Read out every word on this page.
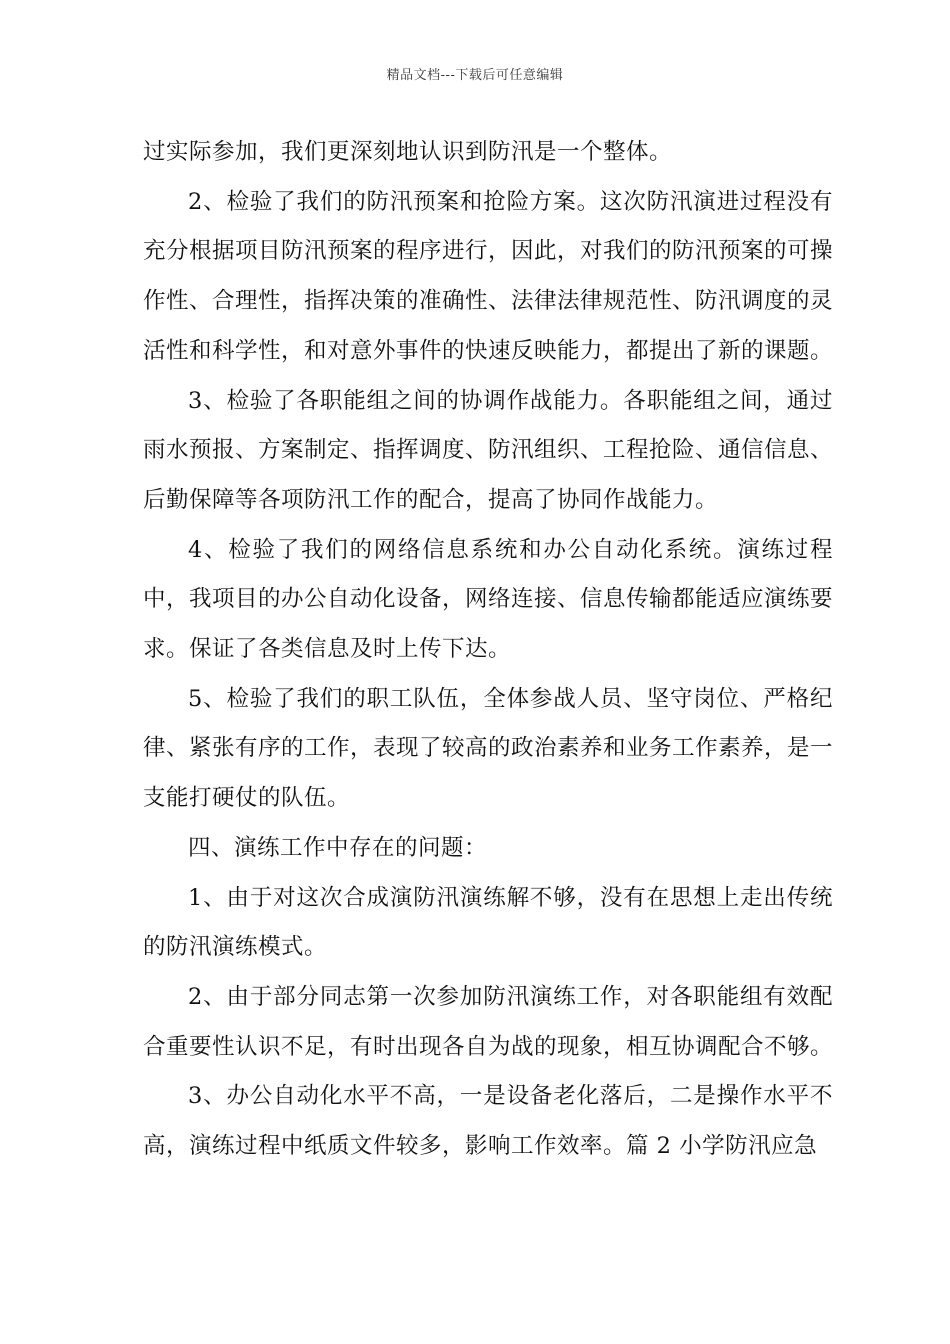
精品文档---下载后可任意编辑

过实际参加，我们更深刻地认识到防汛是一个整体。

2、检验了我们的防汛预案和抢险方案。这次防汛演进过程没有充分根据项目防汛预案的程序进行，因此，对我们的防汛预案的可操作性、合理性，指挥决策的准确性、法律法律规范性、防汛调度的灵活性和科学性，和对意外事件的快速反映能力，都提出了新的课题。

3、检验了各职能组之间的协调作战能力。各职能组之间，通过雨水预报、方案制定、指挥调度、防汛组织、工程抢险、通信信息、后勤保障等各项防汛工作的配合，提高了协同作战能力。

4、检验了我们的网络信息系统和办公自动化系统。演练过程中，我项目的办公自动化设备，网络连接、信息传输都能适应演练要求。保证了各类信息及时上传下达。

5、检验了我们的职工队伍，全体参战人员、坚守岗位、严格纪律、紧张有序的工作，表现了较高的政治素养和业务工作素养，是一支能打硬仗的队伍。

四、演练工作中存在的问题：

1、由于对这次合成演防汛演练解不够，没有在思想上走出传统的防汛演练模式。

2、由于部分同志第一次参加防汛演练工作，对各职能组有效配合重要性认识不足，有时出现各自为战的现象，相互协调配合不够。

3、办公自动化水平不高，一是设备老化落后，二是操作水平不高，演练过程中纸质文件较多，影响工作效率。篇 2 小学防汛应急
